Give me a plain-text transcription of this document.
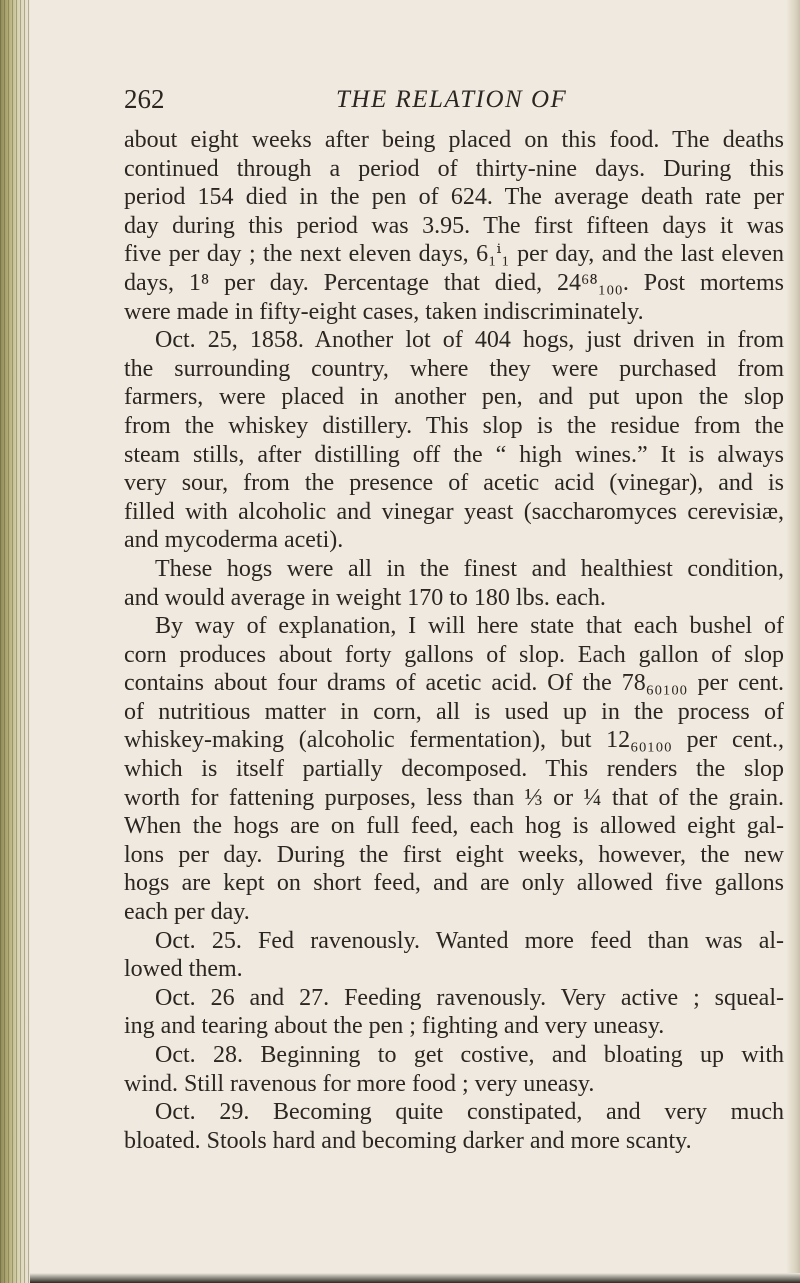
262	THE RELATION OF
about eight weeks after being placed on this food. The deaths
continued through a period of thirty-nine days. During this
period 154 died in the pen of 624. The average death rate per
day during this period was 3.95. The first fifteen days it was
five per day ; the next eleven days, 6₁ⁱ₁ per day, and the last eleven
days, 1⁸ per day. Percentage that died, 24⁶⁸₁₀₀. Post mortems
were made in fifty-eight cases, taken indiscriminately.
Oct. 25, 1858. Another lot of 404 hogs, just driven in from
the surrounding country, where they were purchased from
farmers, were placed in another pen, and put upon the slop
from the whiskey distillery. This slop is the residue from the
steam stills, after distilling off the “ high wines.” It is always
very sour, from the presence of acetic acid (vinegar), and is
filled with alcoholic and vinegar yeast (saccharomyces cerevisiæ,
and mycoderma aceti).
These hogs were all in the finest and healthiest condition,
and would average in weight 170 to 180 lbs. each.
By way of explanation, I will here state that each bushel of
corn produces about forty gallons of slop. Each gallon of slop
contains about four drams of acetic acid. Of the 78₆₀₁₀₀ per cent.
of nutritious matter in corn, all is used up in the process of
whiskey-making (alcoholic fermentation), but 12₆₀₁₀₀ per cent.,
which is itself partially decomposed. This renders the slop
worth for fattening purposes, less than ⅓ or ¼ that of the grain.
When the hogs are on full feed, each hog is allowed eight gal-
lons per day. During the first eight weeks, however, the new
hogs are kept on short feed, and are only allowed five gallons
each per day.
Oct. 25. Fed ravenously. Wanted more feed than was al-
lowed them.
Oct. 26 and 27. Feeding ravenously. Very active ; squeal-
ing and tearing about the pen ; fighting and very uneasy.
Oct. 28. Beginning to get costive, and bloating up with
wind. Still ravenous for more food ; very uneasy.
Oct. 29. Becoming quite constipated, and very much
bloated. Stools hard and becoming darker and more scanty.
